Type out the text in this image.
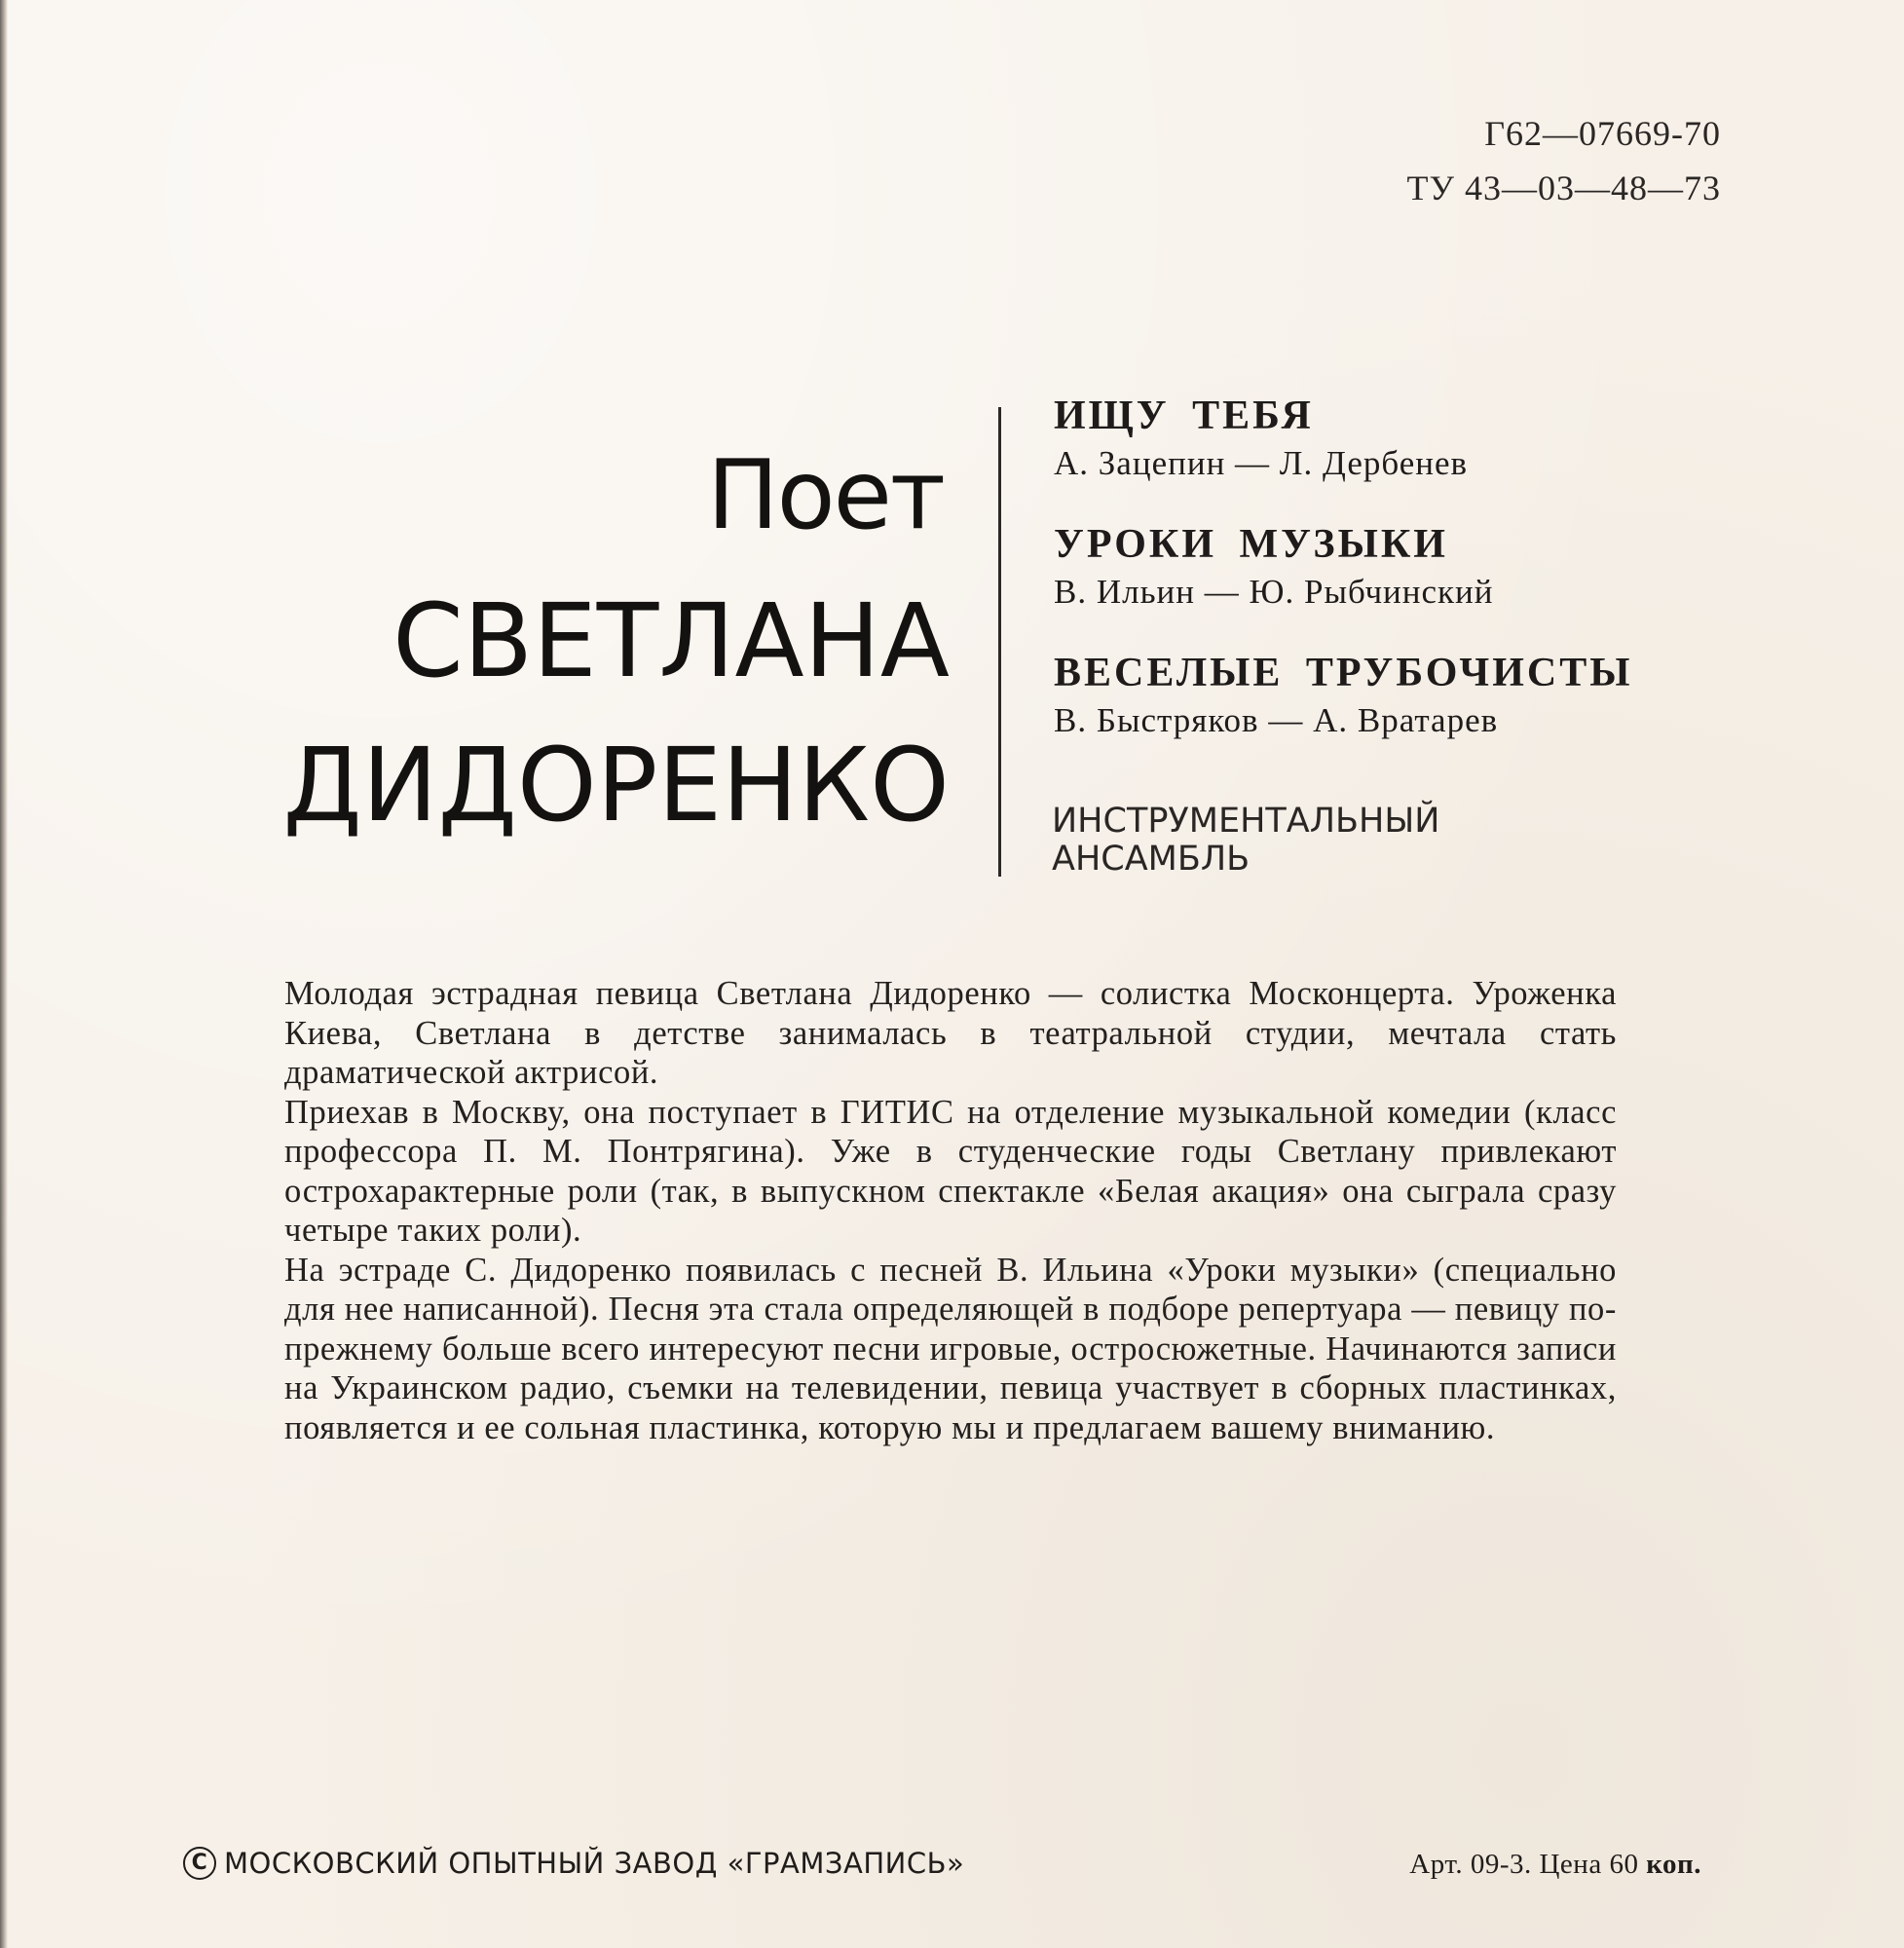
Г62—07669-70
ТУ 43—03—48—73
Поет
СВЕТЛАНА
ДИДОРЕНКО
ИЩУ ТЕБЯ
А. Зацепин — Л. Дербенев
УРОКИ МУЗЫКИ
В. Ильин — Ю. Рыбчинский
ВЕСЕЛЫЕ ТРУБОЧИСТЫ
В. Быстряков — А. Вратарев
ИНСТРУМЕНТАЛЬНЫЙ
АНСАМБЛЬ

Молодая эстрадная певица Светлана Дидоренко — солистка Москонцерта. Уроженка Киева, Светлана в детстве занималась в театральной студии, мечтала стать драматической актрисой.

Приехав в Москву, она поступает в ГИТИС на отделение музыкальной комедии (класс профессора П. М. Понтрягина). Уже в студенческие годы Светлану привлекают острохарактерные роли (так, в выпускном спектакле «Белая акация» она сыграла сразу четыре таких роли).

На эстраде С. Дидоренко появилась с песней В. Ильина «Уроки музыки» (специально для нее написанной). Песня эта стала определяющей в подборе репертуара — певицу по-прежнему больше всего интересуют песни игровые, остросюжетные. Начинаются записи на Украинском радио, съемки на телевидении, певица участвует в сборных пластинках, появляется и ее сольная пластинка, которую мы и предлагаем вашему вниманию.

C МОСКОВСКИЙ ОПЫТНЫЙ ЗАВОД «ГРАМЗАПИСЬ»	Арт. 09-3. Цена 60 коп.
